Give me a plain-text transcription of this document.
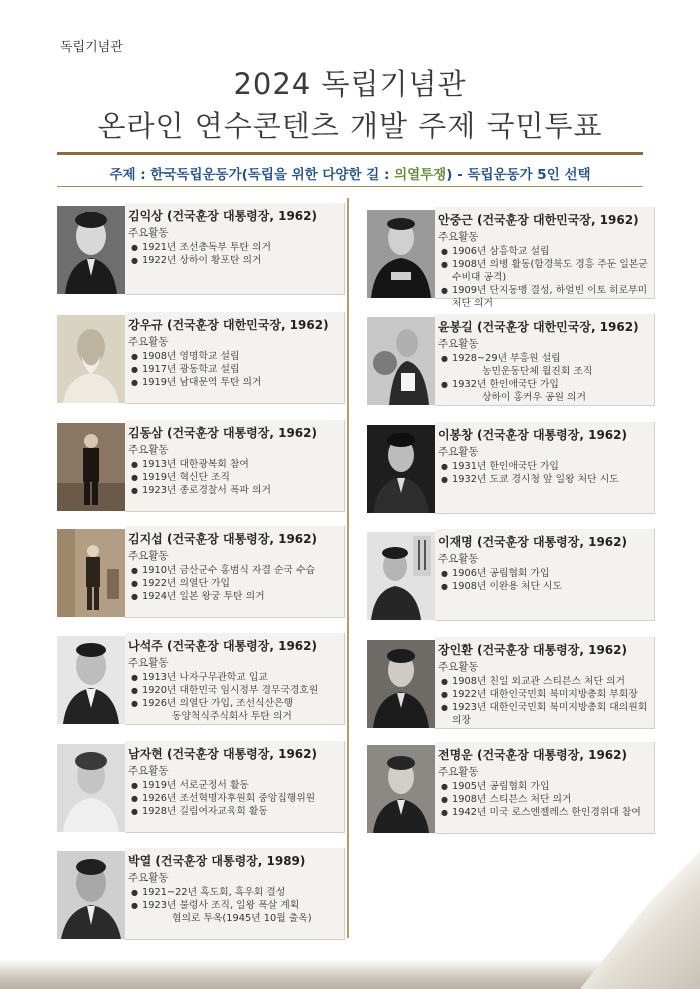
독립기념관
2024 독립기념관
온라인 연수콘텐츠 개발 주제 국민투표
주제 : 한국독립운동가(독립을 위한 다양한 길 : 의열투쟁) - 독립운동가 5인 선택
김익상 (건국훈장 대통령장, 1962)
주요활동
● 1921년 조선총독부 투탄 의거
● 1922년 상하이 황포탄 의거
강우규 (건국훈장 대한민국장, 1962)
주요활동
● 1908년 영명학교 설립
● 1917년 광동학교 설립
● 1919년 남대문역 투탄 의거
김동삼 (건국훈장 대통령장, 1962)
주요활동
● 1913년 대한광복회 참여
● 1919년 혁신단 조직
● 1923년 종로경찰서 폭파 의거
김지섭 (건국훈장 대통령장, 1962)
주요활동
● 1910년 금산군수 홍범식 자결 순국 수습
● 1922년 의열단 가입
● 1924년 일본 왕궁 투탄 의거
나석주 (건국훈장 대통령장, 1962)
주요활동
● 1913년 나자구무관학교 입교
● 1920년 대한민국 임시정부 경무국경호원
● 1926년 의열단 가입, 조선식산은행
동양척식주식회사 투탄 의거
남자현 (건국훈장 대통령장, 1962)
주요활동
● 1919년 서로군정서 활동
● 1926년 조선혁명자후원회 중앙집행위원
● 1928년 길림여자교육회 활동
박열 (건국훈장 대통령장, 1989)
주요활동
● 1921~22년 흑도회, 흑우회 결성
● 1923년 불령사 조직, 일왕 폭살 계획
혐의로 투옥(1945년 10월 출옥)
안중근 (건국훈장 대한민국장, 1962)
주요활동
● 1906년 삼흥학교 설립
● 1908년 의병 활동(함경북도 경흥 주둔 일본군 수비대 공격)
● 1909년 단지동맹 결성, 하얼빈 이토 히로부미 처단 의거
윤봉길 (건국훈장 대한민국장, 1962)
주요활동
● 1928~29년 부흥원 설립
농민운동단체 월진회 조직
● 1932년 한인애국단 가입
상하이 홍커우 공원 의거
이봉창 (건국훈장 대통령장, 1962)
주요활동
● 1931년 한인애국단 가입
● 1932년 도쿄 경시청 앞 일왕 처단 시도
이재명 (건국훈장 대통령장, 1962)
주요활동
● 1906년 공립협회 가입
● 1908년 이완용 처단 시도
장인환 (건국훈장 대통령장, 1962)
주요활동
● 1908년 친일 외교관 스티븐스 처단 의거
● 1922년 대한인국민회 북미지방총회 부회장
● 1923년 대한인국민회 북미지방총회 대의원회 의장
전명운 (건국훈장 대통령장, 1962)
주요활동
● 1905년 공립협회 가입
● 1908년 스티븐스 처단 의거
● 1942년 미국 로스엔젤레스 한인경위대 참여
